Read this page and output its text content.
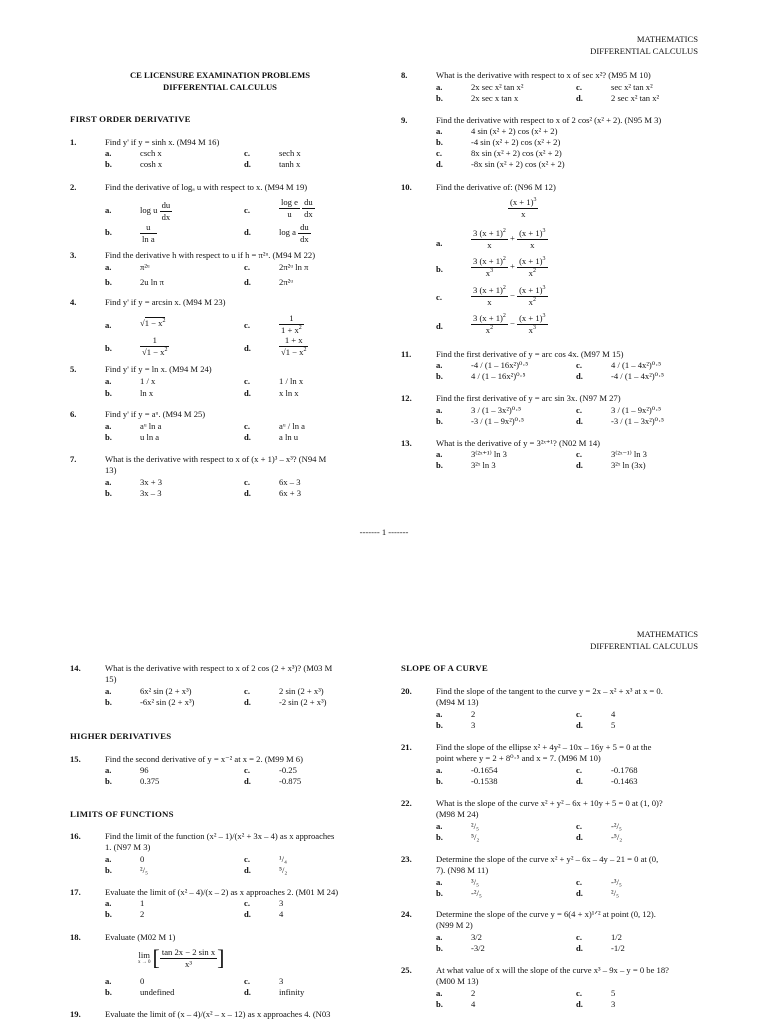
MATHEMATICS
DIFFERENTIAL CALCULUS
CE LICENSURE EXAMINATION PROBLEMS
DIFFERENTIAL CALCULUS
FIRST ORDER DERIVATIVE
1.	Find y' if y = sinh x. (M94 M 16)
a.	csch x
b.	cosh x
c.	sech x
d.	tanh x
2.	Find the derivative of logₐ u with respect to x. (M94 M 19)
a.	log u $\frac{du}{dx}$
b.	$\frac{u}{\text{ln a}}$
c.	$\frac{\text{log e}}{u}$
$\frac{du}{dx}$
d.	log a $\frac{du}{dx}$
3.	Find the derivative h with respect to u if h = π²ᵘ. (M94 M 22)
a.	π²ᵘ
b.	2u ln π
c.	2π²ᵘ ln π
d.	2π²ᵘ
4.	Find y' if y = arcsin x. (M94 M 23)
a.	$√1 - x^2$
b.	$\frac{1}{√1 - x^2}$
c.	$\frac{1}{1 + x^2}$
d.	$\frac{1 + x}{√1 - x^2}$
5.	Find y' if y = ln x. (M94 M 24)
a.	1 / x
b.	ln x
c.	1 / ln x
d.	x ln x
6.	Find y' if y = aᵘ. (M94 M 25)
a.	aᵘ ln a
b.	u ln a
c.	aᵘ / ln a
d.	a ln u
7.	What is the derivative with respect to x of (x + 1)³ – x³? (N94 M
13)
a.	3x + 3
b.	3x – 3
c.	6x – 3
d.	6x + 3
8.	What is the derivative with respect to x of sec x²? (M95 M 10)
a.	2x sec x² tan x²
b.	2x sec x tan x
c.	sec x² tan x²
d.	2 sec x² tan x²
9.	Find the derivative with respect to x of 2 cos² (x² + 2). (N95 M 3)
a.	4 sin (x² + 2) cos (x² + 2)
b.	-4 sin (x² + 2) cos (x² + 2)
c.	8x sin (x² + 2) cos (x² + 2)
d.	-8x sin (x² + 2) cos (x² + 2)
10.	Find the derivative of: (N96 M 12)
$\frac{(x + 1)^3}{x}$
a.	$\frac{3 (x + 1)^2}{x} + \frac{(x + 1)^3}{x}$
b.	$\frac{3 (x + 1)^2}{x^3} + \frac{(x + 1)^3}{x^2}$
c.	$\frac{3 (x + 1)^2}{x} - \frac{(x + 1)^3}{x^2}$
d.	$\frac{3 (x + 1)^2}{x^2} - \frac{(x + 1)^3}{x^3}$
11.	Find the first derivative of y = arc cos 4x. (M97 M 15)
a.	-4 / (1 – 16x²)⁰⋅⁵
b.	4 / (1 – 16x²)⁰⋅⁵
c.	4 / (1 – 4x²)⁰⋅⁵
d.	-4 / (1 – 4x²)⁰⋅⁵
12.	Find the first derivative of y = arc sin 3x. (N97 M 27)
a.	3 / (1 – 3x²)⁰⋅⁵
b.	-3 / (1 – 9x²)⁰⋅⁵
c.	3 / (1 – 9x²)⁰⋅⁵
d.	-3 / (1 – 3x²)⁰⋅⁵
13.	What is the derivative of y = 3²ˣ⁺¹? (N02 M 14)
a.	3⁽²ˣ⁺¹⁾ ln 3
b.	3²ˣ ln 3
c.	3⁽²ˣ⁻¹⁾ ln 3
d.	3²ˣ ln (3x)
------- 1 -------
MATHEMATICS
DIFFERENTIAL CALCULUS
14.	What is the derivative with respect to x of 2 cos (2 + x³)? (M03 M
15)
a.	6x² sin (2 + x³)
b.	-6x² sin (2 + x³)
c.	2 sin (2 + x³)
d.	-2 sin (2 + x³)
HIGHER DERIVATIVES
15.	Find the second derivative of y = x⁻² at x = 2. (M99 M 6)
a.	96
b.	0.375
c.	-0.25
d.	-0.875
LIMITS OF FUNCTIONS
16.	Find the limit of the function (x² – 1)/(x² + 3x – 4) as x approaches
1. (N97 M 3)
a.	0
b.	²/₅
c.	¹/₄
d.	⁵/₂
17.	Evaluate the limit of (x² – 4)/(x – 2) as x approaches 2. (M01 M 24)
a.	1
b.	2
c.	3
d.	4
18.	Evaluate (M02 M 1)
lim
x → 0 [ $\frac{\text{tan 2x − 2 sin x}}{\text{x³}}$ ]
a.	0
b.	undefined
c.	3
d.	infinity
19.	Evaluate the limit of (x – 4)/(x² – x – 12) as x approaches 4. (N03
SLOPE OF A CURVE
20.	Find the slope of the tangent to the curve y = 2x – x² + x³ at x = 0.
(M94 M 13)
a.	2
b.	3
c.	4
d.	5
21.	Find the slope of the ellipse x² + 4y² – 10x – 16y + 5 = 0 at the
point where y = 2 + 8⁰⋅⁵ and x = 7. (M96 M 10)
a.	-0.1654
b.	-0.1538
c.	-0.1768
d.	-0.1463
22.	What is the slope of the curve x² + y² – 6x + 10y + 5 = 0 at (1, 0)?
(M98 M 24)
a.	²/₅
b.	⁵/₂
c.	-²/₅
d.	-⁵/₂
23.	Determine the slope of the curve x² + y² – 6x – 4y – 21 = 0 at (0,
7). (N98 M 11)
a.	³/₅
b.	-²/₅
c.	-³/₅
d.	²/₅
24.	Determine the slope of the curve y = 6(4 + x)¹ᐟ² at point (0, 12).
(N99 M 2)
a.	3/2
b.	-3/2
c.	1/2
d.	-1/2
25.	At what value of x will the slope of the curve x³ – 9x – y = 0 be 18?
(M00 M 13)
a.	2
b.	4
c.	5
d.	3
